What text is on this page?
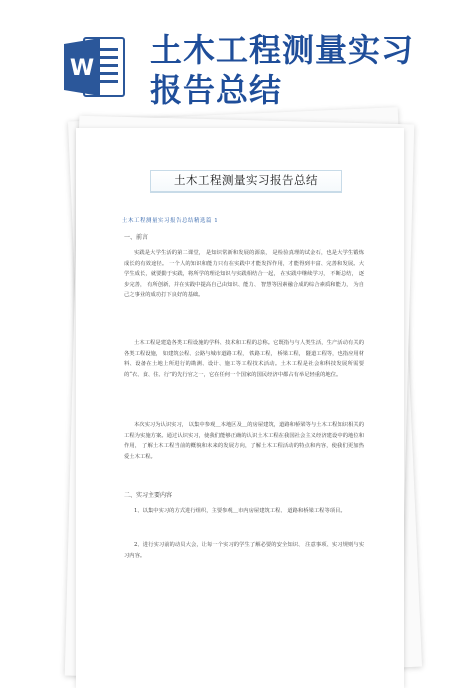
W 土木工程测量实习
报告总结
土木工程测量实习报告总结
土木工程测量实习报告总结精选篇 1
一、前言

实践是大学生活的第二课堂， 是知识常新和发展的源泉， 是检验真理的试金石，也是大学生锻炼成长的有效途径。 一个人的知识和能力只有在实践中才能发挥作用，才能得到丰富、完善和发展。大学生成长，就要勤于实践，将所学的理论知识与实践相结合一起， 在实践中继续学习， 不断总结， 逐步完善， 有所创新，并在实践中提高自己由知识、能力、 智慧等因素融合成的综合素质和能力， 为自己之事业的成功打下良好的基础。

土木工程是建造各类工程设施的学科、技术和工程的总称。它既指与与人类生活，生产活动有关的各类工程设施， 如建筑公程、公路与城市道路工程， 铁路工程， 桥梁工程， 隧道工程等，也指应用材料、设备在土地上所进行的勘测、设计、施工等工程技术活动。土木工程是社会和科技发展所需要的“衣、食、住、行”的先行官之一，它在任何一个国家的国民经济中都占有举足轻重的地位。

本次实习为认识实习， 以集中参观＿本地区及＿的房屋建筑，道路和桥梁等与土木工程知识相关的工程为实施方案。通过认识实习，使我们能够正确的认识土木工程在我国社会主义经济建设中的地位和作用， 了解土木工程当前的概貌和未来的发展方向，了解土木工程活动的特点和内容，使我们更加热爱土木工程。

二、实习主要内容

1、以集中实习的方式进行组织，主要参观＿市内房屋建筑工程、 道路和桥梁工程等项目。

2、进行实习前的动员大会，让每一个实习的学生了解必要的安全知识、 注意事项、实习规则与实习内容。
